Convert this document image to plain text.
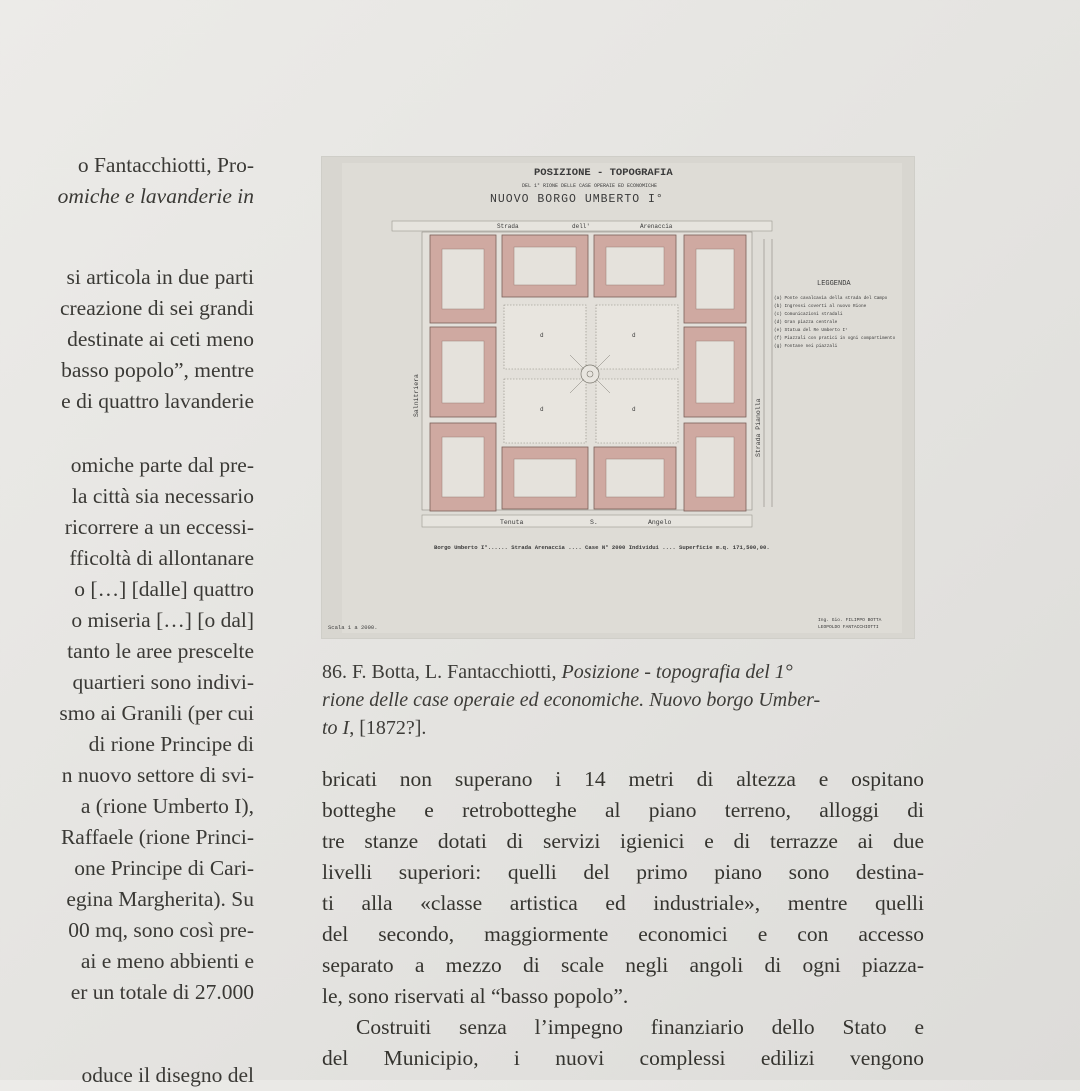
o Fantacchiotti, Pro-
omiche e lavanderie in
si articola in due parti
creazione di sei grandi
destinate ai ceti meno
basso popolo”, mentre
e di quattro lavanderie
omiche parte dal pre-
la città sia necessario
ricorrere a un eccessi-
fficoltà di allontanare
o […] [dalle] quattro
o miseria […] [o dal]
tanto le aree prescelte
quartieri sono indivi-
smo ai Granili (per cui
di rione Principe di
n nuovo settore di svi-
a (rione Umberto I),
Raffaele (rione Princi-
one Principe di Cari-
egina Margherita). Su
00 mq, sono così pre-
ai e meno abbienti e
er un totale di 27.000
oduce il disegno del
POSIZIONE - TOPOGRAFIA
DEL 1° RIONE DELLE CASE OPERAIE ED ECONOMICHE
NUOVO BORGO UMBERTO I°
Strada	dell'	Arenaccia
d	d
d	d
Salnitriera
Strada Pianolla
Tenuta	S.	Angelo
Borgo Umberto I°...... Strada Arenaccia .... Case N° 2000 Individui .... Superficie m.q. 171,500,00.
LEGGENDA
(a) Ponte cavalcavia della strada del Campo
(b) Ingressi coverti al nuovo Rione
(c) Comunicazioni stradali
(d) Gran piazza centrale
(e) Statua del Re Umberto I°
(f) Piazzali con pratici in ogni compartimento
(g) Fontane nei piazzali
Scala 1 a 2000.
Ing. Gio. FILIPPO BOTTA
LEOPOLDO FANTACCHIOTTI
86. F. Botta, L. Fantacchiotti, Posizione - topografia del 1°
rione delle case operaie ed economiche. Nuovo borgo Umber-
to I, [1872?].
bricati non superano i 14 metri di altezza e ospitano
botteghe e retrobotteghe al piano terreno, alloggi di
tre stanze dotati di servizi igienici e di terrazze ai due
livelli superiori: quelli del primo piano sono destina-
ti alla «classe artistica ed industriale», mentre quelli
del secondo, maggiormente economici e con accesso
separato a mezzo di scale negli angoli di ogni piazza-
le, sono riservati al “basso popolo”.
Costruiti senza l’impegno finanziario dello Stato e
del Municipio, i nuovi complessi edilizi vengono
